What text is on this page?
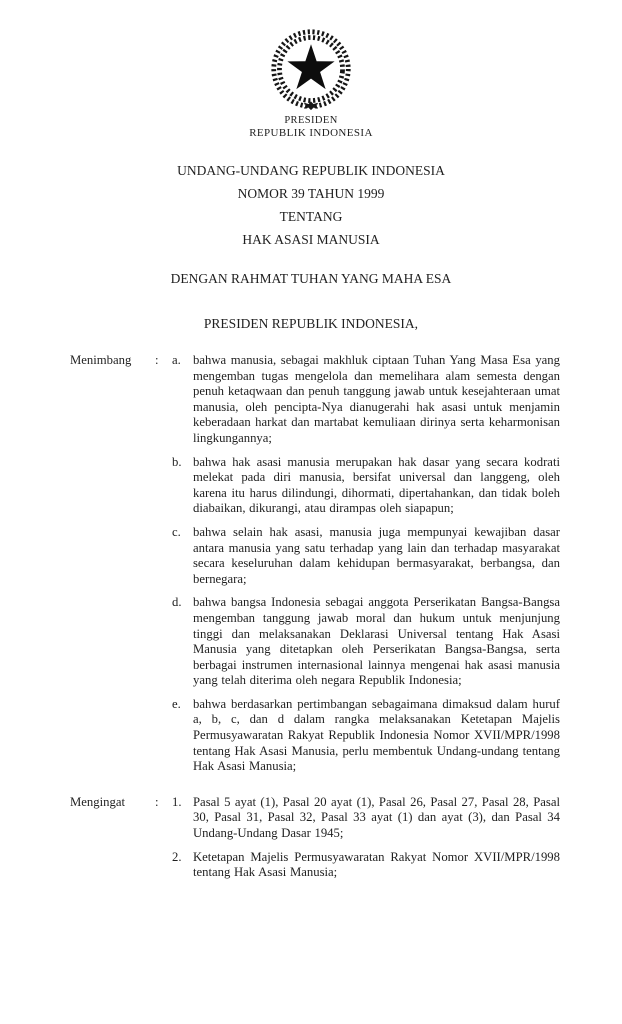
PRESIDEN
REPUBLIK INDONESIA
UNDANG-UNDANG REPUBLIK INDONESIA
NOMOR 39 TAHUN 1999
TENTANG
HAK ASASI MANUSIA
DENGAN RAHMAT TUHAN YANG MAHA ESA
PRESIDEN REPUBLIK INDONESIA,
Menimbang	:	a. bahwa manusia, sebagai makhluk ciptaan Tuhan Yang Masa Esa yang mengemban tugas mengelola dan memelihara alam semesta dengan penuh ketaqwaan dan penuh tanggung jawab untuk kesejahteraan umat manusia, oleh pencipta-Nya dianugerahi hak asasi untuk menjamin keberadaan harkat dan martabat kemuliaan dirinya serta keharmonisan lingkungannya;

b. bahwa hak asasi manusia merupakan hak dasar yang secara kodrati melekat pada diri manusia, bersifat universal dan langgeng, oleh karena itu harus dilindungi, dihormati, dipertahankan, dan tidak boleh diabaikan, dikurangi, atau dirampas oleh siapapun;

c. bahwa selain hak asasi, manusia juga mempunyai kewajiban dasar antara manusia yang satu terhadap yang lain dan terhadap masyarakat secara keseluruhan dalam kehidupan bermasyarakat, berbangsa, dan bernegara;

d. bahwa bangsa Indonesia sebagai anggota Perserikatan Bangsa-Bangsa mengemban tanggung jawab moral dan hukum untuk menjunjung tinggi dan melaksanakan Deklarasi Universal tentang Hak Asasi Manusia yang ditetapkan oleh Perserikatan Bangsa-Bangsa, serta berbagai instrumen internasional lainnya mengenai hak asasi manusia yang telah diterima oleh negara Republik Indonesia;

e. bahwa berdasarkan pertimbangan sebagaimana dimaksud dalam huruf a, b, c, dan d dalam rangka melaksanakan Ketetapan Majelis Permusyawaratan Rakyat Republik Indonesia Nomor XVII/MPR/1998 tentang Hak Asasi Manusia, perlu membentuk Undang-undang tentang Hak Asasi Manusia;

Mengingat	:	1. Pasal 5 ayat (1), Pasal 20 ayat (1), Pasal 26, Pasal 27, Pasal 28, Pasal 30, Pasal 31, Pasal 32, Pasal 33 ayat (1) dan ayat (3), dan Pasal 34 Undang-Undang Dasar 1945;

2. Ketetapan Majelis Permusyawaratan Rakyat Nomor XVII/MPR/1998 tentang Hak Asasi Manusia;
